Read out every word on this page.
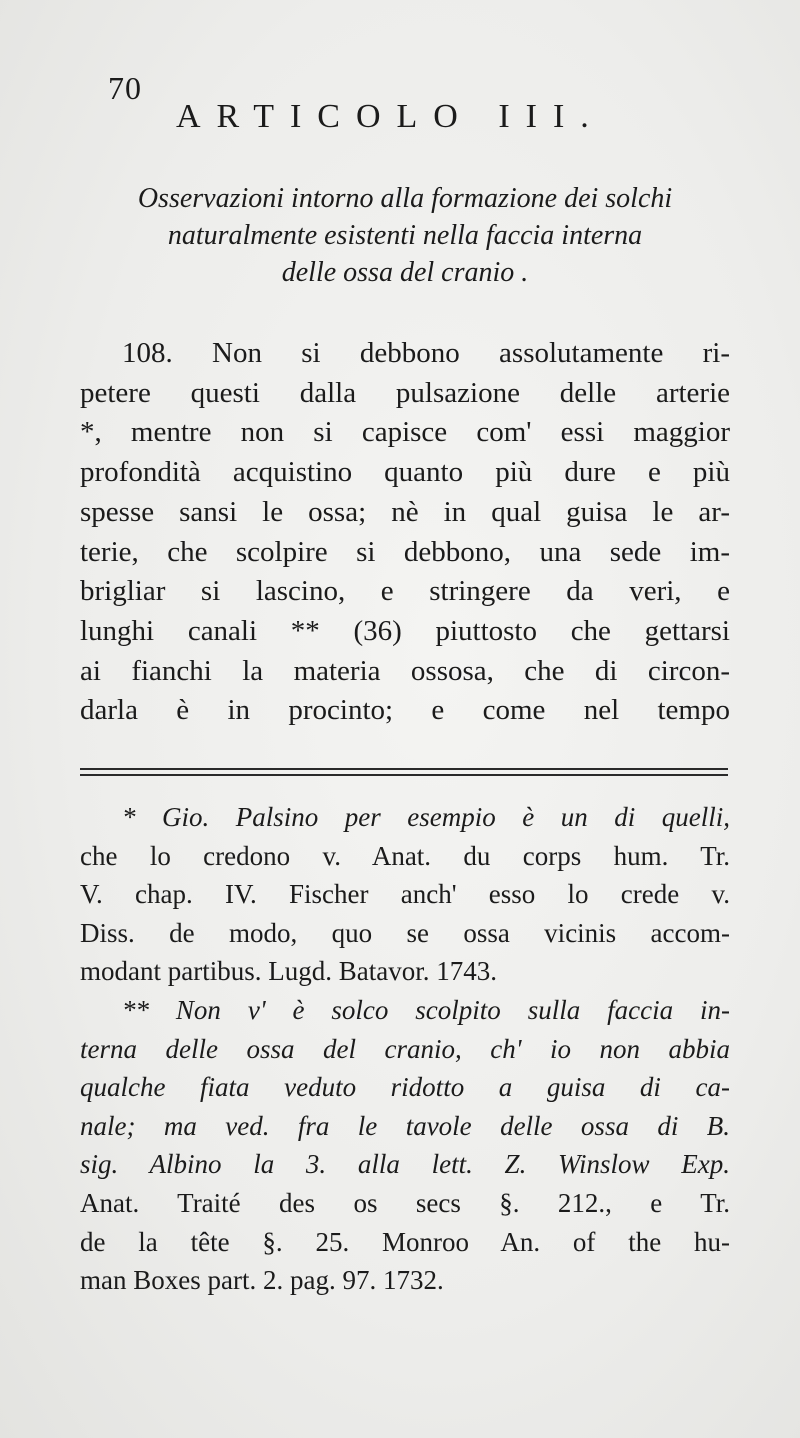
70
ARTICOLO III.
Osservazioni intorno alla formazione dei solchi
naturalmente esistenti nella faccia interna
delle ossa del cranio .
108. Non si debbono assolutamente ri-
petere questi dalla pulsazione delle arterie
*, mentre non si capisce com' essi maggior
profondità acquistino quanto più dure e più
spesse sansi le ossa; nè in qual guisa le ar-
terie, che scolpire si debbono, una sede im-
brigliar si lascino, e stringere da veri, e
lunghi canali ** (36) piuttosto che gettarsi
ai fianchi la materia ossosa, che di circon-
darla è in procinto; e come nel tempo
* Gio. Palsino per esempio è un di quelli,
che lo credono v. Anat. du corps hum. Tr.
V. chap. IV. Fischer anch' esso lo crede v.
Diss. de modo, quo se ossa vicinis accom-
modant partibus. Lugd. Batavor. 1743.
** Non v' è solco scolpito sulla faccia in-
terna delle ossa del cranio, ch' io non abbia
qualche fiata veduto ridotto a guisa di ca-
nale; ma ved. fra le tavole delle ossa di B.
sig. Albino la 3. alla lett. Z. Winslow Exp.
Anat. Traité des os secs §. 212., e Tr.
de la tête §. 25. Monroo An. of the hu-
man Boxes part. 2. pag. 97. 1732.
